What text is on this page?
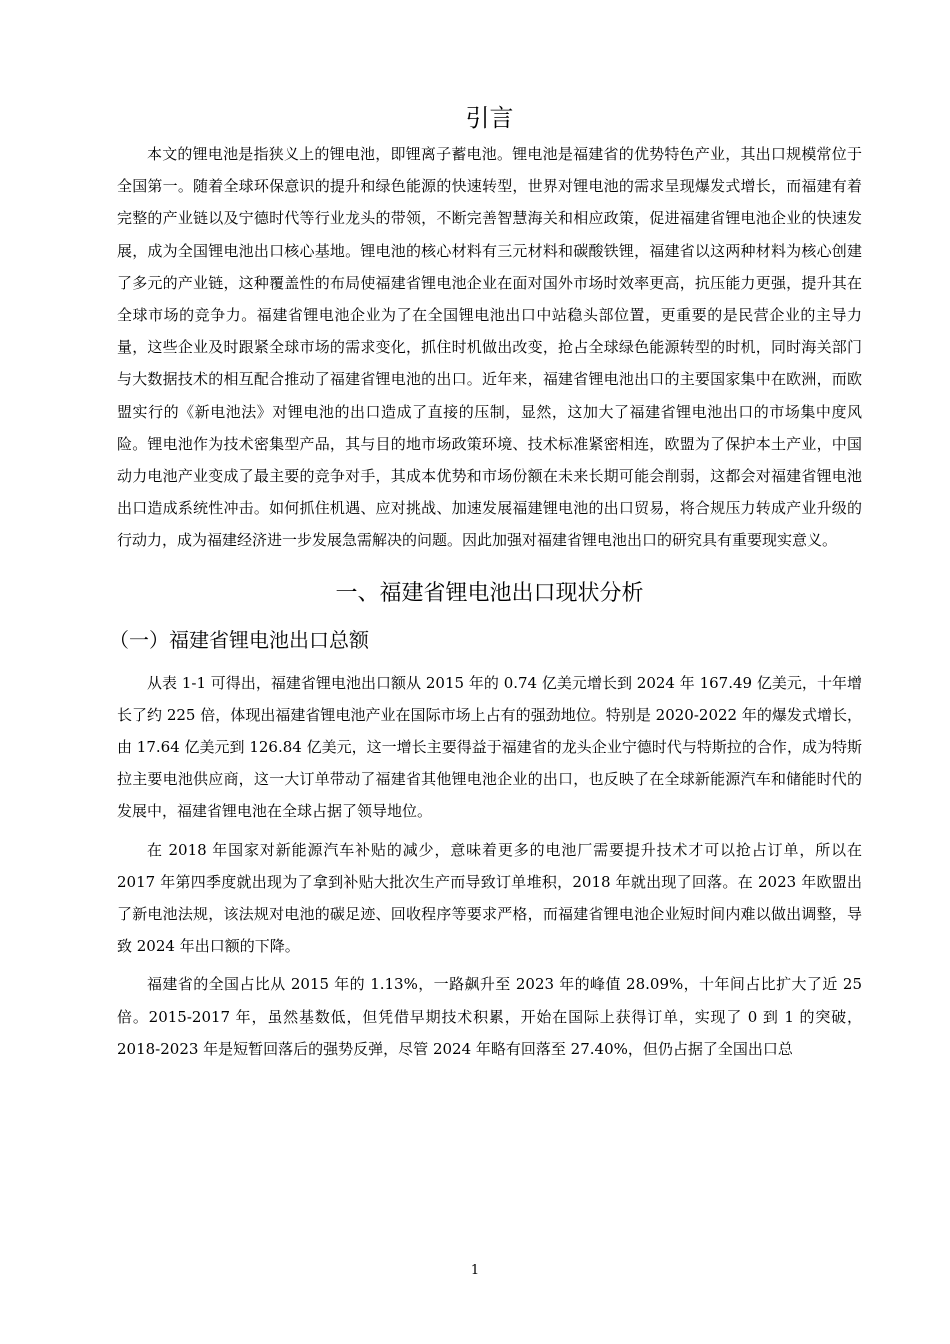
引言

本文的锂电池是指狭义上的锂电池，即锂离子蓄电池。锂电池是福建省的优势特色产业，其出口规模常位于全国第一。随着全球环保意识的提升和绿色能源的快速转型，世界对锂电池的需求呈现爆发式增长，而福建有着完整的产业链以及宁德时代等行业龙头的带领，不断完善智慧海关和相应政策，促进福建省锂电池企业的快速发展，成为全国锂电池出口核心基地。锂电池的核心材料有三元材料和碳酸铁锂，福建省以这两种材料为核心创建了多元的产业链，这种覆盖性的布局使福建省锂电池企业在面对国外市场时效率更高，抗压能力更强，提升其在全球市场的竞争力。福建省锂电池企业为了在全国锂电池出口中站稳头部位置，更重要的是民营企业的主导力量，这些企业及时跟紧全球市场的需求变化，抓住时机做出改变，抢占全球绿色能源转型的时机，同时海关部门与大数据技术的相互配合推动了福建省锂电池的出口。近年来，福建省锂电池出口的主要国家集中在欧洲，而欧盟实行的《新电池法》对锂电池的出口造成了直接的压制，显然，这加大了福建省锂电池出口的市场集中度风险。锂电池作为技术密集型产品，其与目的地市场政策环境、技术标准紧密相连，欧盟为了保护本土产业，中国动力电池产业变成了最主要的竞争对手，其成本优势和市场份额在未来长期可能会削弱，这都会对福建省锂电池出口造成系统性冲击。如何抓住机遇、应对挑战、加速发展福建锂电池的出口贸易，将合规压力转成产业升级的行动力，成为福建经济进一步发展急需解决的问题。因此加强对福建省锂电池出口的研究具有重要现实意义。

一、福建省锂电池出口现状分析
（一）福建省锂电池出口总额

从表 1-1 可得出，福建省锂电池出口额从 2015 年的 0.74 亿美元增长到 2024 年 167.49 亿美元，十年增长了约 225 倍，体现出福建省锂电池产业在国际市场上占有的强劲地位。特别是 2020-2022 年的爆发式增长，由 17.64 亿美元到 126.84 亿美元，这一增长主要得益于福建省的龙头企业宁德时代与特斯拉的合作，成为特斯拉主要电池供应商，这一大订单带动了福建省其他锂电池企业的出口，也反映了在全球新能源汽车和储能时代的发展中，福建省锂电池在全球占据了领导地位。

在 2018 年国家对新能源汽车补贴的减少，意味着更多的电池厂需要提升技术才可以抢占订单，所以在 2017 年第四季度就出现为了拿到补贴大批次生产而导致订单堆积，2018 年就出现了回落。在 2023 年欧盟出了新电池法规，该法规对电池的碳足迹、回收程序等要求严格，而福建省锂电池企业短时间内难以做出调整，导致 2024 年出口额的下降。

福建省的全国占比从 2015 年的 1.13%，一路飙升至 2023 年的峰值 28.09%，十年间占比扩大了近 25 倍。2015-2017 年，虽然基数低，但凭借早期技术积累，开始在国际上获得订单，实现了 0 到 1 的突破，2018-2023 年是短暂回落后的强势反弹，尽管 2024 年略有回落至 27.40%，但仍占据了全国出口总

1
